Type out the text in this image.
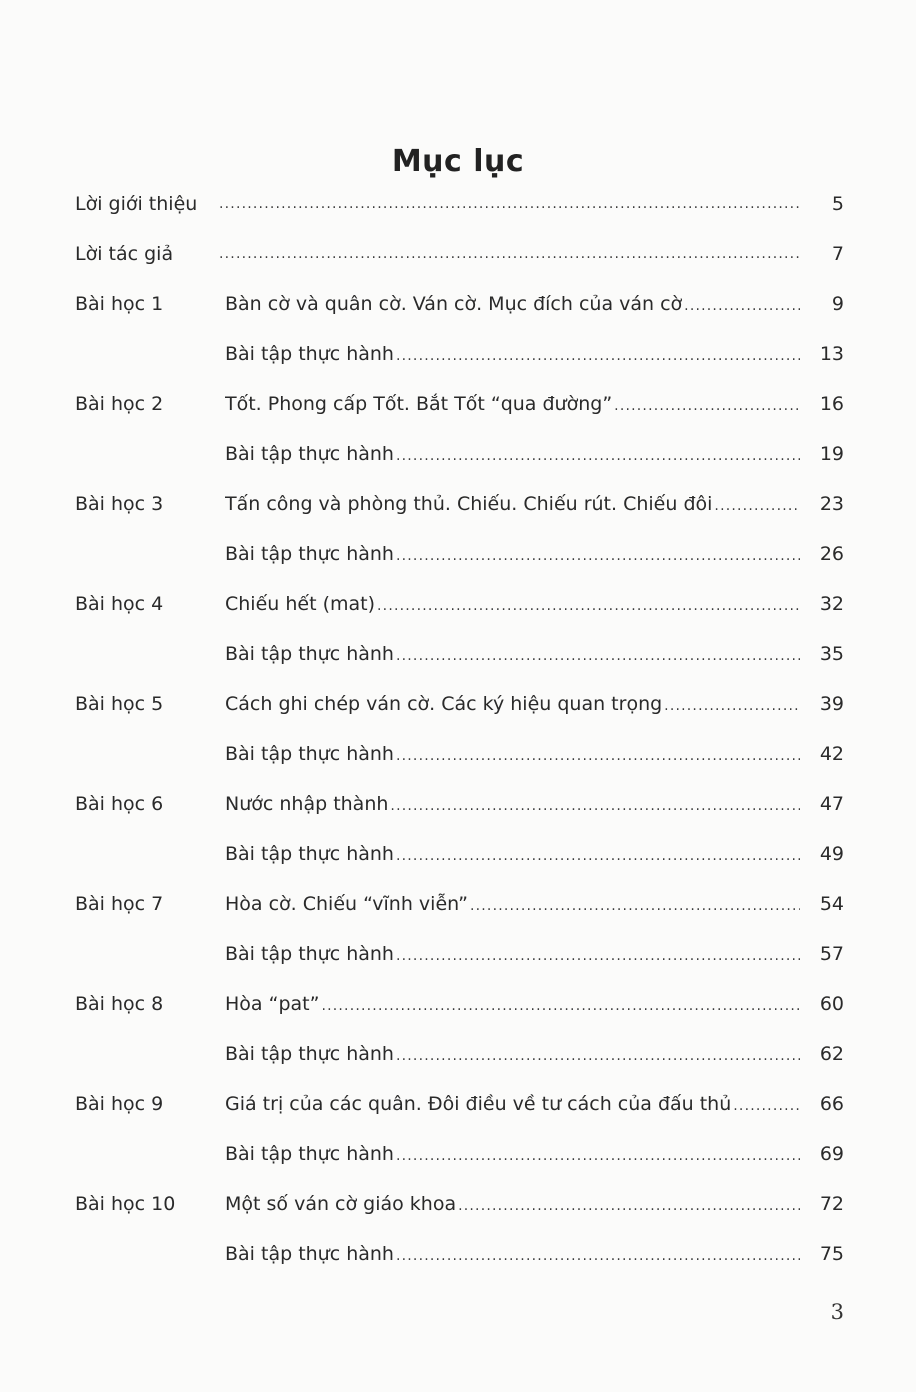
Mục lục
Lời giới thiệu .....	5
Lời tác giả .....	7
Bài học 1	Bàn cờ và quân cờ. Ván cờ. Mục đích của ván cờ .....	9
Bài tập thực hành .....	13
Bài học 2	Tốt. Phong cấp Tốt. Bắt Tốt “qua đường” .....	16
Bài tập thực hành .....	19
Bài học 3	Tấn công và phòng thủ. Chiếu. Chiếu rút. Chiếu đôi .....	23
Bài tập thực hành .....	26
Bài học 4	Chiếu hết (mat) .....	32
Bài tập thực hành .....	35
Bài học 5	Cách ghi chép ván cờ. Các ký hiệu quan trọng .....	39
Bài tập thực hành .....	42
Bài học 6	Nước nhập thành .....	47
Bài tập thực hành .....	49
Bài học 7	Hòa cờ. Chiếu “vĩnh viễn” .....	54
Bài tập thực hành .....	57
Bài học 8	Hòa “pat” .....	60
Bài tập thực hành .....	62
Bài học 9	Giá trị của các quân. Đôi điều về tư cách của đấu thủ .....	66
Bài tập thực hành .....	69
Bài học 10	Một số ván cờ giáo khoa .....	72
Bài tập thực hành .....	75
3
